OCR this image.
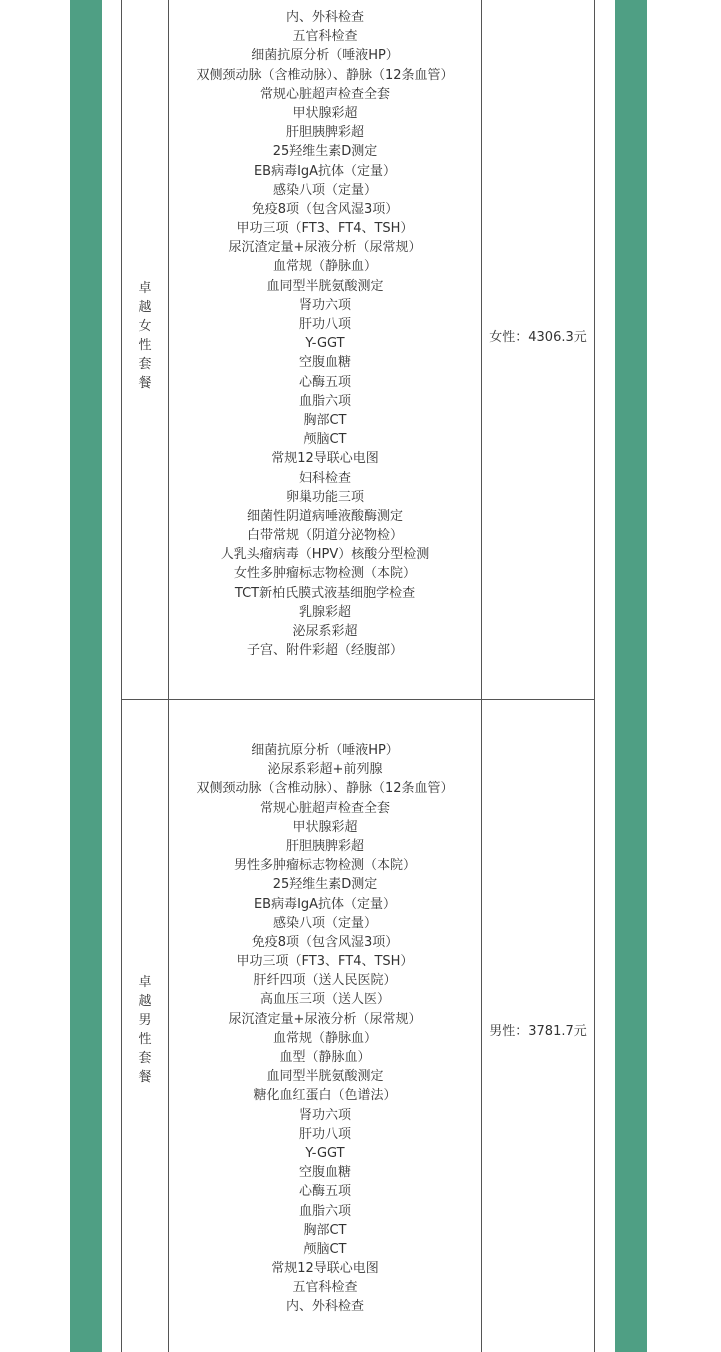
卓
越
女
性
套
餐
内、外科检查
五官科检查
细菌抗原分析（唾液HP）
双侧颈动脉（含椎动脉）、静脉（12条血管）
常规心脏超声检查全套
甲状腺彩超
肝胆胰脾彩超
25羟维生素D测定
EB病毒IgA抗体（定量）
感染八项（定量）
免疫8项（包含风湿3项）
甲功三项（FT3、FT4、TSH）
尿沉渣定量+尿液分析（尿常规）
血常规（静脉血）
血同型半胱氨酸测定
肾功六项
肝功八项
Y-GGT
空腹血糖
心酶五项
血脂六项
胸部CT
颅脑CT
常规12导联心电图
妇科检查
卵巢功能三项
细菌性阴道病唾液酸酶测定
白带常规（阴道分泌物检）
人乳头瘤病毒（HPV）核酸分型检测
女性多肿瘤标志物检测（本院）
TCT新柏氏膜式液基细胞学检查
乳腺彩超
泌尿系彩超
子宫、附件彩超（经腹部）
女性：4306.3元
卓
越
男
性
套
餐
细菌抗原分析（唾液HP）
泌尿系彩超+前列腺
双侧颈动脉（含椎动脉）、静脉（12条血管）
常规心脏超声检查全套
甲状腺彩超
肝胆胰脾彩超
男性多肿瘤标志物检测（本院）
25羟维生素D测定
EB病毒IgA抗体（定量）
感染八项（定量）
免疫8项（包含风湿3项）
甲功三项（FT3、FT4、TSH）
肝纤四项（送人民医院）
高血压三项（送人医）
尿沉渣定量+尿液分析（尿常规）
血常规（静脉血）
血型（静脉血）
血同型半胱氨酸测定
糖化血红蛋白（色谱法）
肾功六项
肝功八项
Y-GGT
空腹血糖
心酶五项
血脂六项
胸部CT
颅脑CT
常规12导联心电图
五官科检查
内、外科检查
男性：3781.7元
